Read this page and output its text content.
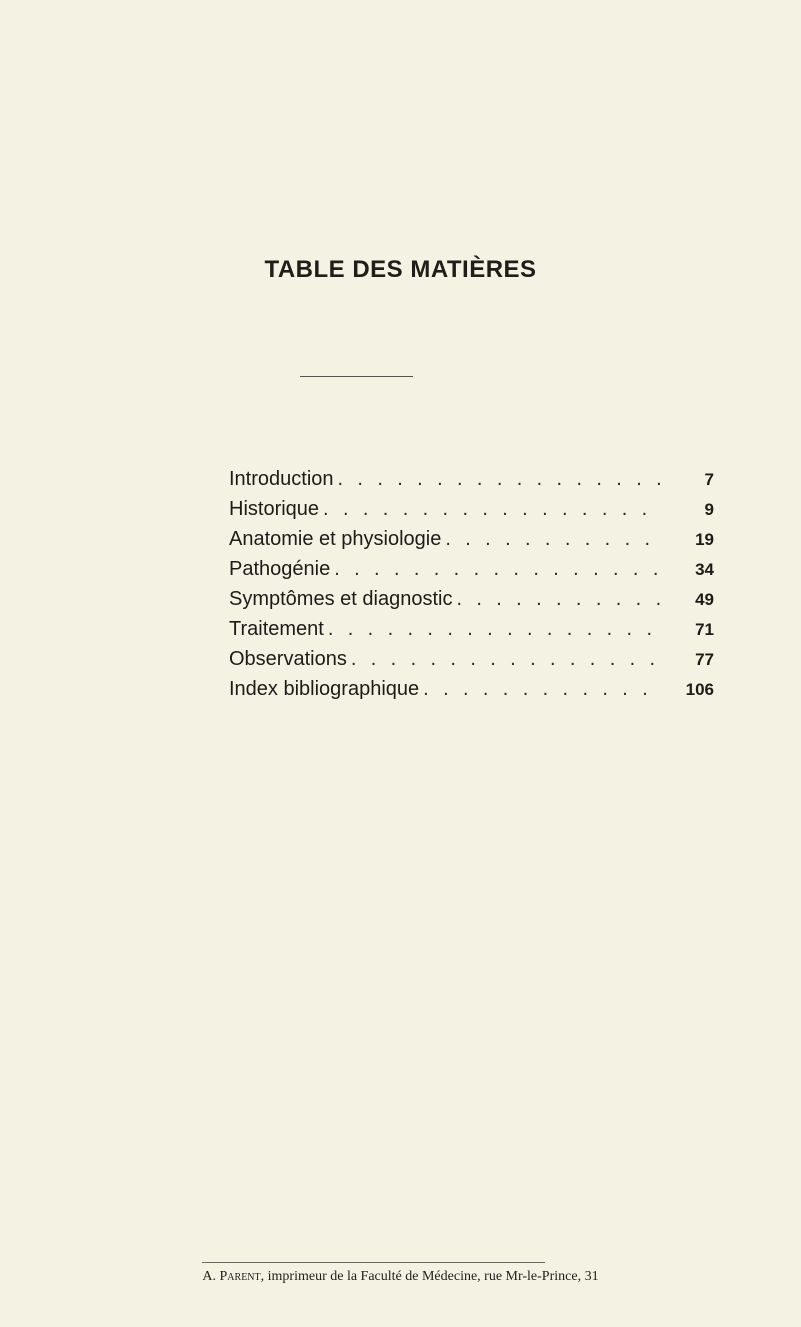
TABLE DES MATIÈRES
Introduction . . .	7
Historique . . .	9
Anatomie et physiologie . . .	19
Pathogénie . . .	34
Symptômes et diagnostic . . .	49
Traitement . . .	71
Observations . . .	77
Index bibliographique . . .	106
A. Parent, imprimeur de la Faculté de Médecine, rue Mr-le-Prince, 31
